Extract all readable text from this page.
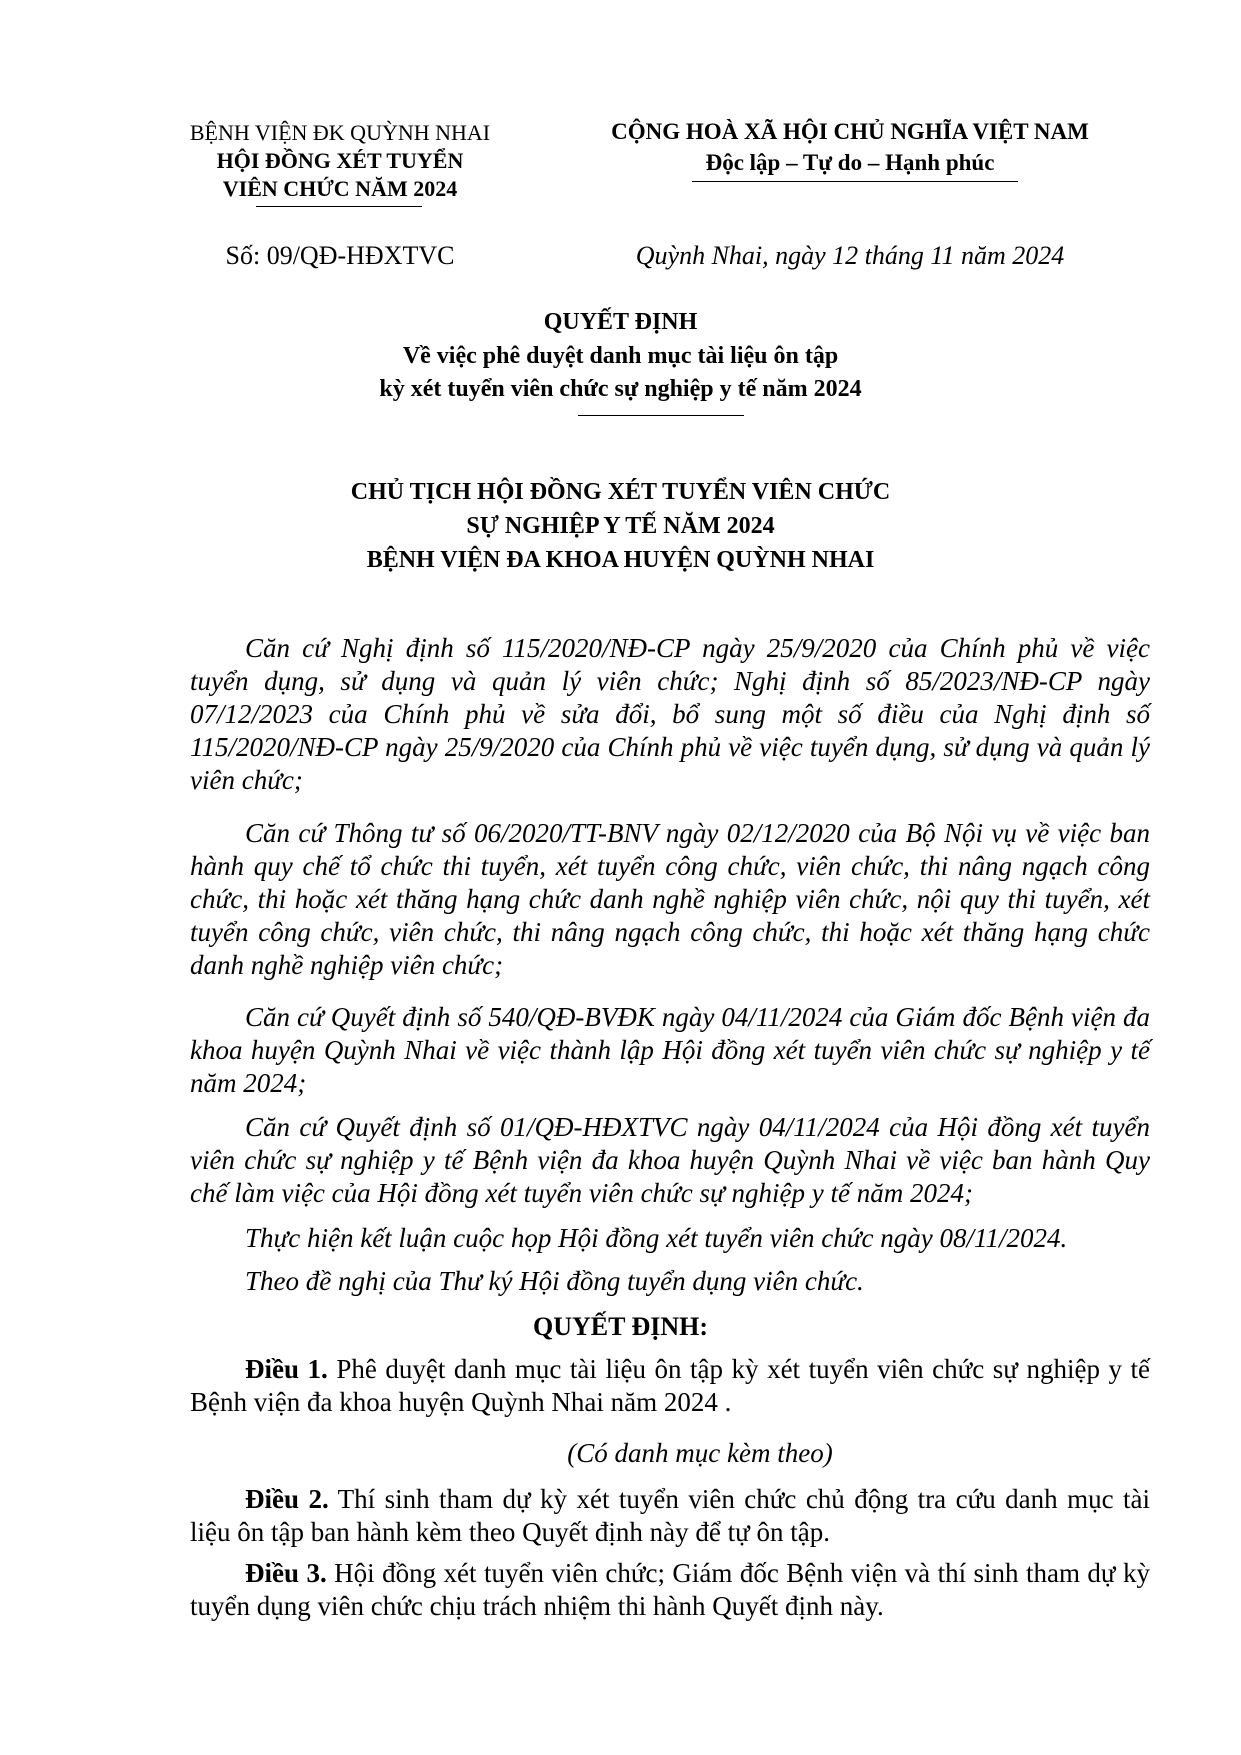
BỆNH VIỆN ĐK QUỲNH NHAI
HỘI ĐỒNG XÉT TUYỂN
VIÊN CHỨC NĂM 2024
CỘNG HOÀ XÃ HỘI CHỦ NGHĨA VIỆT NAM
Độc lập – Tự do – Hạnh phúc
Số: 09/QĐ-HĐXTVC	Quỳnh Nhai, ngày 12 tháng 11 năm 2024
QUYẾT ĐỊNH
Về việc phê duyệt danh mục tài liệu ôn tập
kỳ xét tuyển viên chức sự nghiệp y tế năm 2024
CHỦ TỊCH HỘI ĐỒNG XÉT TUYỂN VIÊN CHỨC
SỰ NGHIỆP Y TẾ NĂM 2024
BỆNH VIỆN ĐA KHOA HUYỆN QUỲNH NHAI
Căn cứ Nghị định số 115/2020/NĐ-CP ngày 25/9/2020 của Chính phủ về việc tuyển dụng, sử dụng và quản lý viên chức; Nghị định số 85/2023/NĐ-CP ngày 07/12/2023 của Chính phủ về sửa đổi, bổ sung một số điều của Nghị định số 115/2020/NĐ-CP ngày 25/9/2020 của Chính phủ về việc tuyển dụng, sử dụng và quản lý viên chức;
Căn cứ Thông tư số 06/2020/TT-BNV ngày 02/12/2020 của Bộ Nội vụ về việc ban hành quy chế tổ chức thi tuyển, xét tuyển công chức, viên chức, thi nâng ngạch công chức, thi hoặc xét thăng hạng chức danh nghề nghiệp viên chức, nội quy thi tuyển, xét tuyển công chức, viên chức, thi nâng ngạch công chức, thi hoặc xét thăng hạng chức danh nghề nghiệp viên chức;
Căn cứ Quyết định số 540/QĐ-BVĐK ngày 04/11/2024 của Giám đốc Bệnh viện đa khoa huyện Quỳnh Nhai về việc thành lập Hội đồng xét tuyển viên chức sự nghiệp y tế năm 2024;
Căn cứ Quyết định số 01/QĐ-HĐXTVC ngày 04/11/2024 của Hội đồng xét tuyển viên chức sự nghiệp y tế Bệnh viện đa khoa huyện Quỳnh Nhai về việc ban hành Quy chế làm việc của Hội đồng xét tuyển viên chức sự nghiệp y tế năm 2024;
Thực hiện kết luận cuộc họp Hội đồng xét tuyển viên chức ngày 08/11/2024.
Theo đề nghị của Thư ký Hội đồng tuyển dụng viên chức.
QUYẾT ĐỊNH:
Điều 1. Phê duyệt danh mục tài liệu ôn tập kỳ xét tuyển viên chức sự nghiệp y tế Bệnh viện đa khoa huyện Quỳnh Nhai năm 2024 .
(Có danh mục kèm theo)
Điều 2. Thí sinh tham dự kỳ xét tuyển viên chức chủ động tra cứu danh mục tài liệu ôn tập ban hành kèm theo Quyết định này để tự ôn tập.
Điều 3. Hội đồng xét tuyển viên chức; Giám đốc Bệnh viện và thí sinh tham dự kỳ tuyển dụng viên chức chịu trách nhiệm thi hành Quyết định này.
